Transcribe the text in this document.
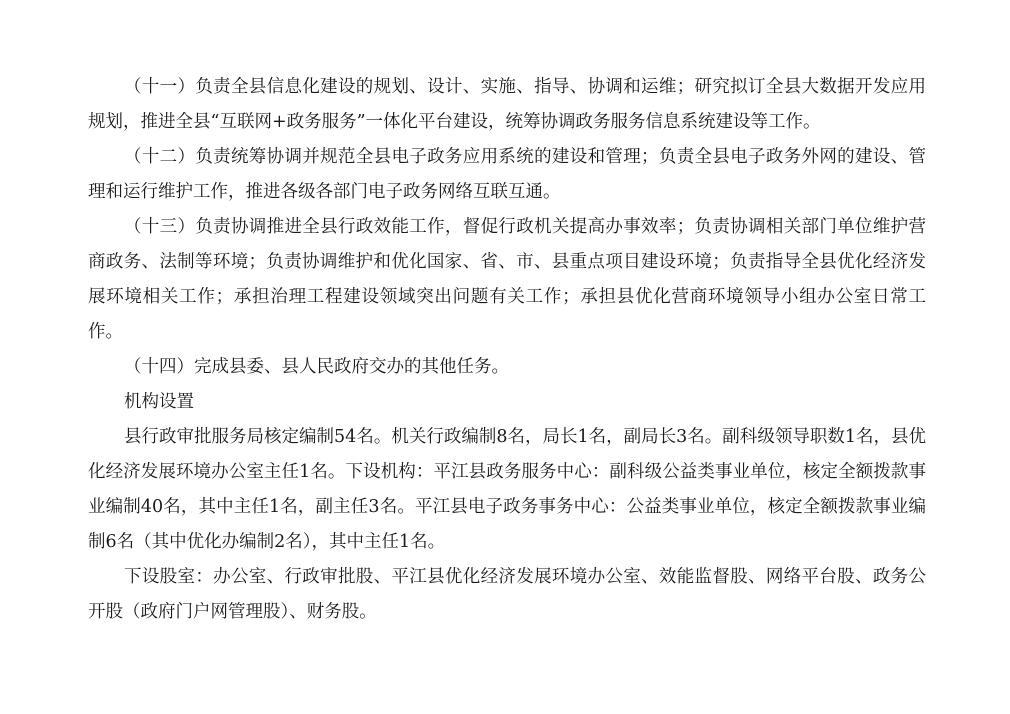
（十一）负责全县信息化建设的规划、设计、实施、指导、协调和运维；研究拟订全县大数据开发应用规划，推进全县“互联网+政务服务”一体化平台建设，统筹协调政务服务信息系统建设等工作。

（十二）负责统筹协调并规范全县电子政务应用系统的建设和管理；负责全县电子政务外网的建设、管理和运行维护工作，推进各级各部门电子政务网络互联互通。

（十三）负责协调推进全县行政效能工作，督促行政机关提高办事效率；负责协调相关部门单位维护营商政务、法制等环境；负责协调维护和优化国家、省、市、县重点项目建设环境；负责指导全县优化经济发展环境相关工作；承担治理工程建设领域突出问题有关工作；承担县优化营商环境领导小组办公室日常工作。

（十四）完成县委、县人民政府交办的其他任务。

机构设置

县行政审批服务局核定编制54名。机关行政编制8名，局长1名，副局长3名。副科级领导职数1名，县优化经济发展环境办公室主任1名。下设机构：平江县政务服务中心：副科级公益类事业单位，核定全额拨款事业编制40名，其中主任1名，副主任3名。平江县电子政务事务中心：公益类事业单位，核定全额拨款事业编制6名（其中优化办编制2名），其中主任1名。

下设股室：办公室、行政审批股、平江县优化经济发展环境办公室、效能监督股、网络平台股、政务公开股（政府门户网管理股）、财务股。
